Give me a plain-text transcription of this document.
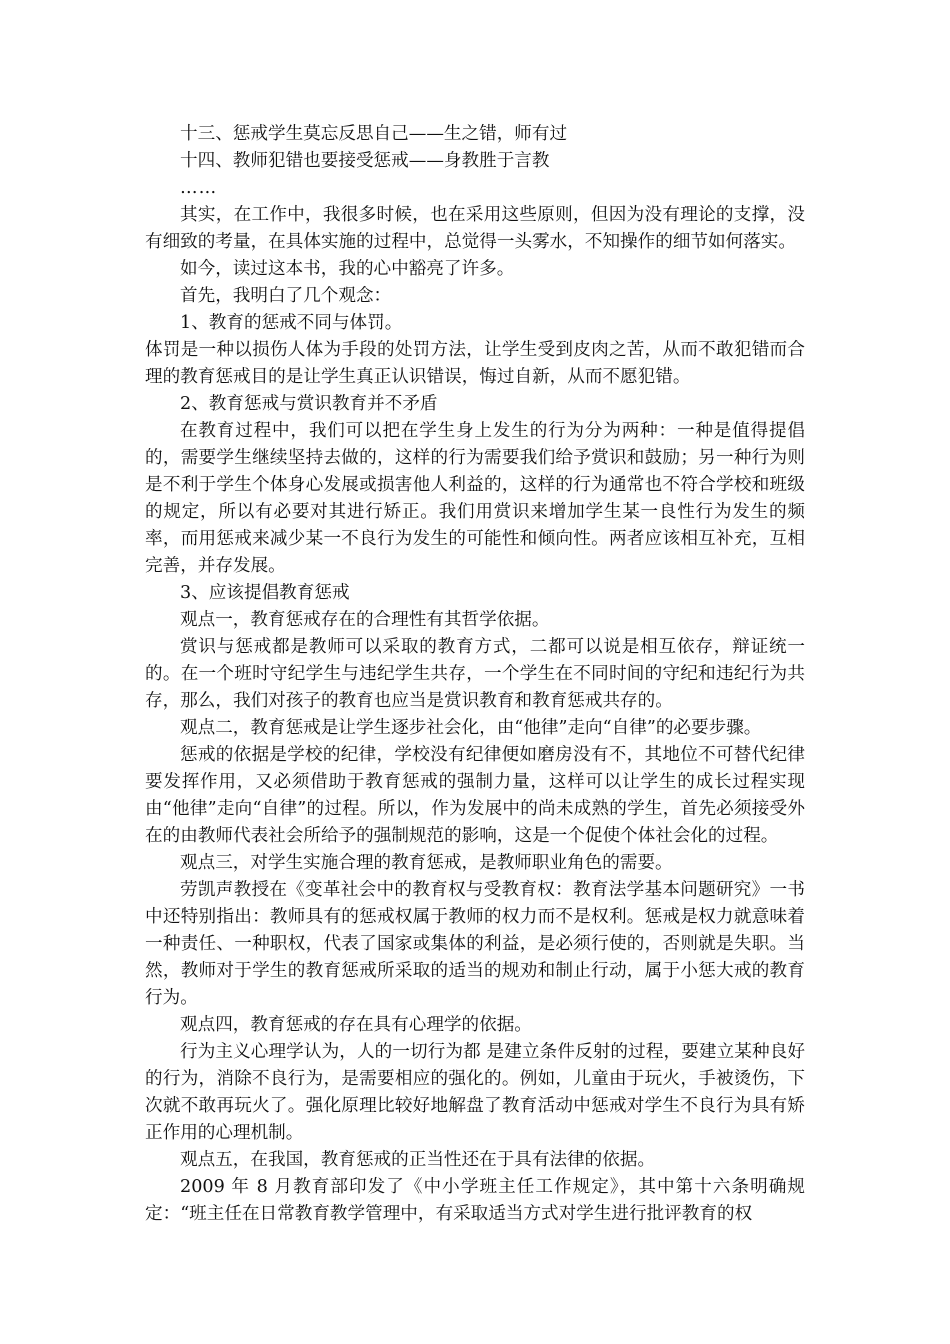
十三、惩戒学生莫忘反思自己——生之错，师有过

十四、教师犯错也要接受惩戒——身教胜于言教

……

其实，在工作中，我很多时候，也在采用这些原则，但因为没有理论的支撑，没有细致的考量，在具体实施的过程中，总觉得一头雾水，不知操作的细节如何落实。

如今，读过这本书，我的心中豁亮了许多。

首先，我明白了几个观念：

1、教育的惩戒不同与体罚。

体罚是一种以损伤人体为手段的处罚方法，让学生受到皮肉之苦，从而不敢犯错而合理的教育惩戒目的是让学生真正认识错误，悔过自新，从而不愿犯错。

2、教育惩戒与赏识教育并不矛盾

在教育过程中，我们可以把在学生身上发生的行为分为两种：一种是值得提倡的，需要学生继续坚持去做的，这样的行为需要我们给予赏识和鼓励；另一种行为则是不利于学生个体身心发展或损害他人利益的，这样的行为通常也不符合学校和班级的规定，所以有必要对其进行矫正。我们用赏识来增加学生某一良性行为发生的频率，而用惩戒来减少某一不良行为发生的可能性和倾向性。两者应该相互补充，互相完善，并存发展。

3、应该提倡教育惩戒

观点一，教育惩戒存在的合理性有其哲学依据。

赏识与惩戒都是教师可以采取的教育方式，二都可以说是相互依存，辩证统一的。在一个班时守纪学生与违纪学生共存，一个学生在不同时间的守纪和违纪行为共存，那么，我们对孩子的教育也应当是赏识教育和教育惩戒共存的。

观点二，教育惩戒是让学生逐步社会化，由“他律”走向“自律”的必要步骤。

惩戒的依据是学校的纪律，学校没有纪律便如磨房没有不，其地位不可替代纪律要发挥作用，又必须借助于教育惩戒的强制力量，这样可以让学生的成长过程实现由“他律”走向“自律”的过程。所以，作为发展中的尚未成熟的学生，首先必须接受外在的由教师代表社会所给予的强制规范的影响，这是一个促使个体社会化的过程。

观点三，对学生实施合理的教育惩戒，是教师职业角色的需要。

劳凯声教授在《变革社会中的教育权与受教育权：教育法学基本问题研究》一书中还特别指出：教师具有的惩戒权属于教师的权力而不是权利。惩戒是权力就意味着一种责任、一种职权，代表了国家或集体的利益，是必须行使的，否则就是失职。当然，教师对于学生的教育惩戒所采取的适当的规劝和制止行动，属于小惩大戒的教育行为。

观点四，教育惩戒的存在具有心理学的依据。

行为主义心理学认为，人的一切行为都 是建立条件反射的过程，要建立某种良好的行为，消除不良行为，是需要相应的强化的。例如，儿童由于玩火，手被烫伤，下次就不敢再玩火了。强化原理比较好地解盘了教育活动中惩戒对学生不良行为具有矫正作用的心理机制。

观点五，在我国，教育惩戒的正当性还在于具有法律的依据。

2009 年 8 月教育部印发了《中小学班主任工作规定》，其中第十六条明确规定：“班主任在日常教育教学管理中，有采取适当方式对学生进行批评教育的权
